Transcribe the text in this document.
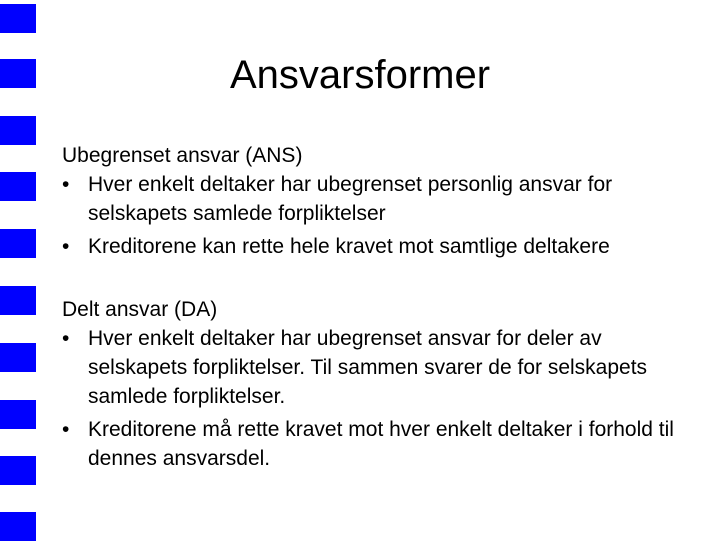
Ansvarsformer

Ubegrenset ansvar (ANS)

• Hver enkelt deltaker har ubegrenset personlig ansvar for selskapets samlede forpliktelser
• Kreditorene kan rette hele kravet mot samtlige deltakere

Delt ansvar (DA)

• Hver enkelt deltaker har ubegrenset ansvar for deler av selskapets forpliktelser. Til sammen svarer de for selskapets samlede forpliktelser.
• Kreditorene må rette kravet mot hver enkelt deltaker i forhold til dennes ansvarsdel.
